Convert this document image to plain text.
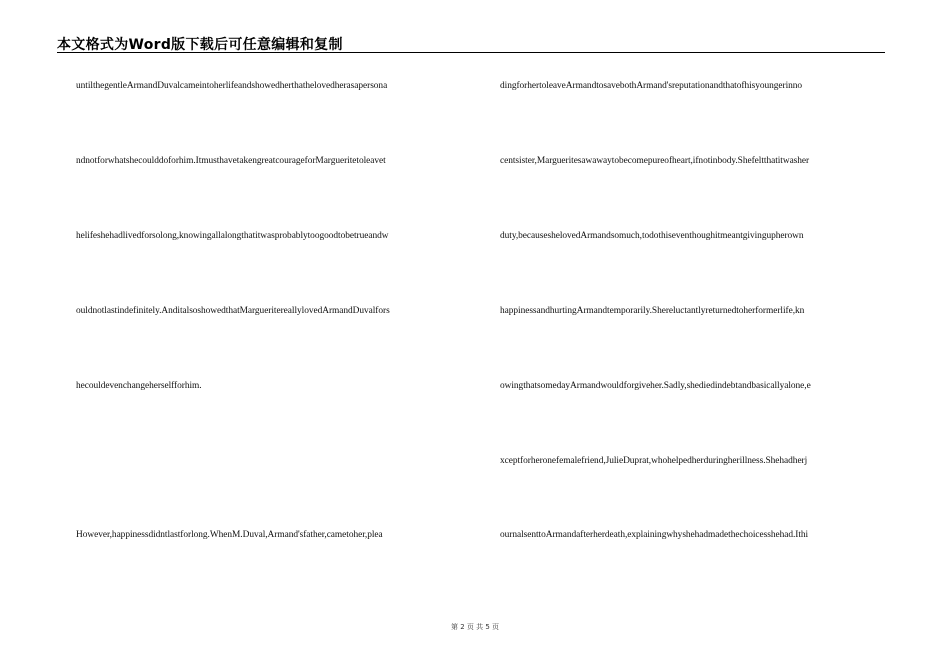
本文格式为Word版下载后可任意编辑和复制
untilthegentleArmandDuvalcameintoherlifeandshowedherthathelovedherasapersona
ndnotforwhatshecoulddoforhim.ItmusthavetakengreatcourageforMargueritetoleavet
helifeshehadlivedforsolong,knowingallalongthatitwasprobablytoogoodtobetrueandw
ouldnotlastindefinitely.AnditalsoshowedthatMargueritereallylovedArmandDuvalfors
hecouldevenchangeherselfforhim.
However,happinessdidntlastforlong.WhenM.Duval,Armand'sfather,cametoher,plea
dingforhertoleaveArmandtosavebothArmand'sreputationandthatofhisyoungerinno
centsister,Margueritesawawaytobecomepureofheart,ifnotinbody.Shefeltthatitwasher
duty,becauseshelovedArmandsomuch,todothiseventhoughitmeantgivingupherown
happinessandhurtingArmandtemporarily.Shereluctantlyreturnedtoherformerlife,kn
owingthatsomedayArmandwouldforgiveher.Sadly,shediedindebtandbasicallyalone,e
xceptforheronefemalefriend,JulieDuprat,whohelpedherduringherillness.Shehadherj
ournalsenttoArmandafterherdeath,explainingwhyshehadmadethechoicesshehad.Ithi
第 2 页 共 5 页
